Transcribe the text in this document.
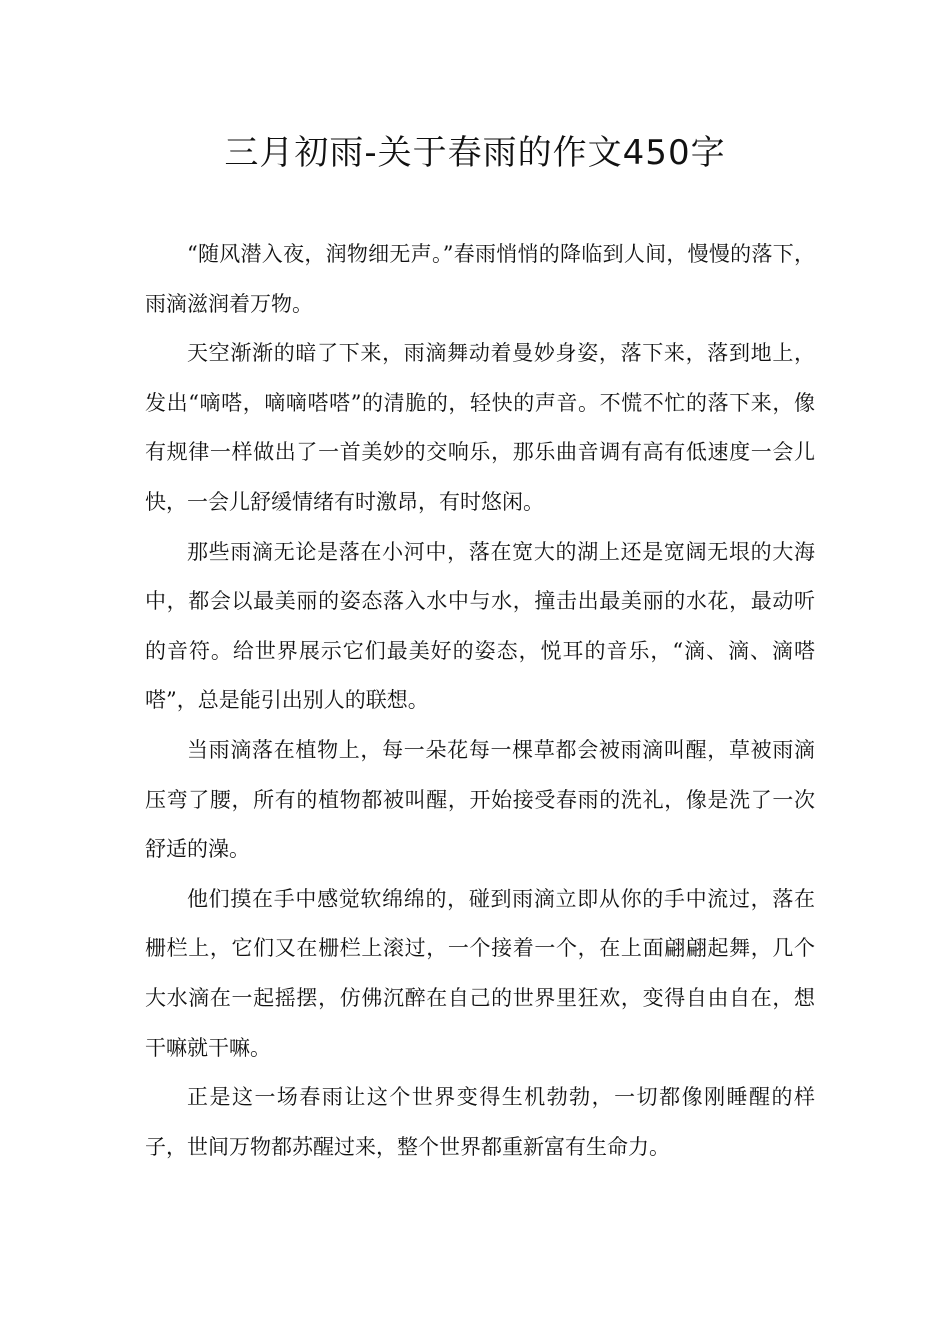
三月初雨-关于春雨的作文450字

“随风潜入夜，润物细无声。”春雨悄悄的降临到人间，慢慢的落下，雨滴滋润着万物。

天空渐渐的暗了下来，雨滴舞动着曼妙身姿，落下来，落到地上，发出“嘀嗒，嘀嘀嗒嗒”的清脆的，轻快的声音。不慌不忙的落下来，像有规律一样做出了一首美妙的交响乐，那乐曲音调有高有低速度一会儿快，一会儿舒缓情绪有时激昂，有时悠闲。

那些雨滴无论是落在小河中，落在宽大的湖上还是宽阔无垠的大海中，都会以最美丽的姿态落入水中与水，撞击出最美丽的水花，最动听的音符。给世界展示它们最美好的姿态，悦耳的音乐，“滴、滴、滴嗒嗒”，总是能引出别人的联想。

当雨滴落在植物上，每一朵花每一棵草都会被雨滴叫醒，草被雨滴压弯了腰，所有的植物都被叫醒，开始接受春雨的洗礼，像是洗了一次舒适的澡。

他们摸在手中感觉软绵绵的，碰到雨滴立即从你的手中流过，落在栅栏上，它们又在栅栏上滚过，一个接着一个，在上面翩翩起舞，几个大水滴在一起摇摆，仿佛沉醉在自己的世界里狂欢，变得自由自在，想干嘛就干嘛。

正是这一场春雨让这个世界变得生机勃勃，一切都像刚睡醒的样子，世间万物都苏醒过来，整个世界都重新富有生命力。
